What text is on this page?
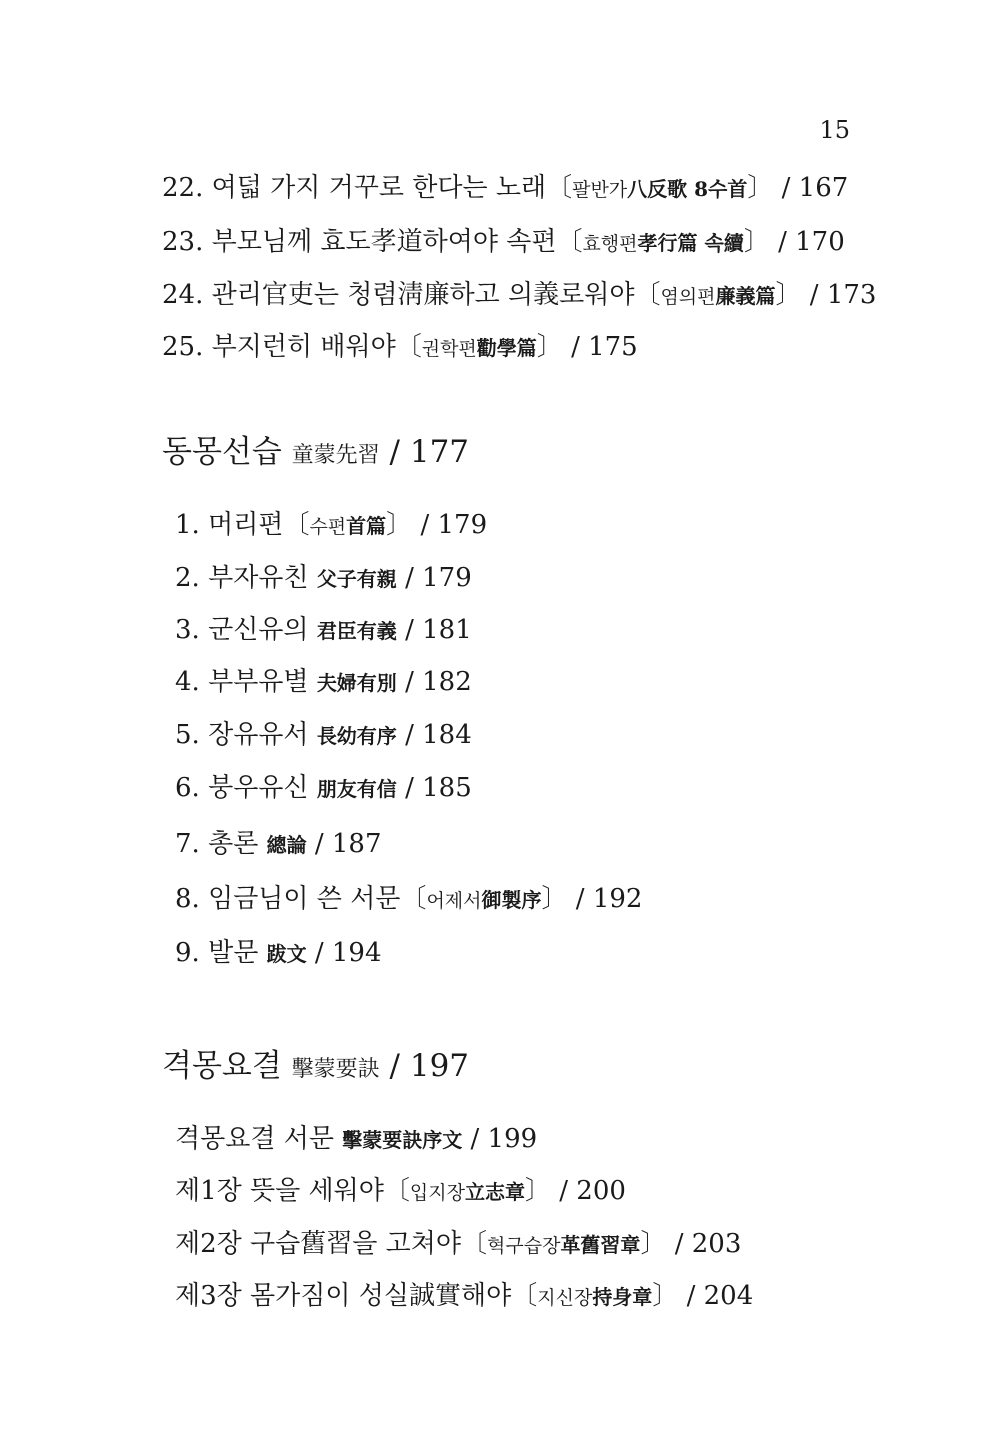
15
22. 여덟 가지 거꾸로 한다는 노래〔팔반가八反歌 8수首〕 / 167
23. 부모님께 효도孝道하여야 속편〔효행편孝行篇 속續〕 / 170
24. 관리官吏는 청렴淸廉하고 의義로워야〔염의편廉義篇〕 / 173
25. 부지런히 배워야〔권학편勸學篇〕 / 175
동몽선습 童蒙先習 / 177
1. 머리편〔수편首篇〕 / 179
2. 부자유친 父子有親 / 179
3. 군신유의 君臣有義 / 181
4. 부부유별 夫婦有別 / 182
5. 장유유서 長幼有序 / 184
6. 붕우유신 朋友有信 / 185
7. 총론 總論 / 187
8. 임금님이 쓴 서문〔어제서御製序〕 / 192
9. 발문 跋文 / 194
격몽요결 擊蒙要訣 / 197
격몽요결 서문 擊蒙要訣序文 / 199
제1장 뜻을 세워야〔입지장立志章〕 / 200
제2장 구습舊習을 고쳐야〔혁구습장革舊習章〕 / 203
제3장 몸가짐이 성실誠實해야〔지신장持身章〕 / 204
